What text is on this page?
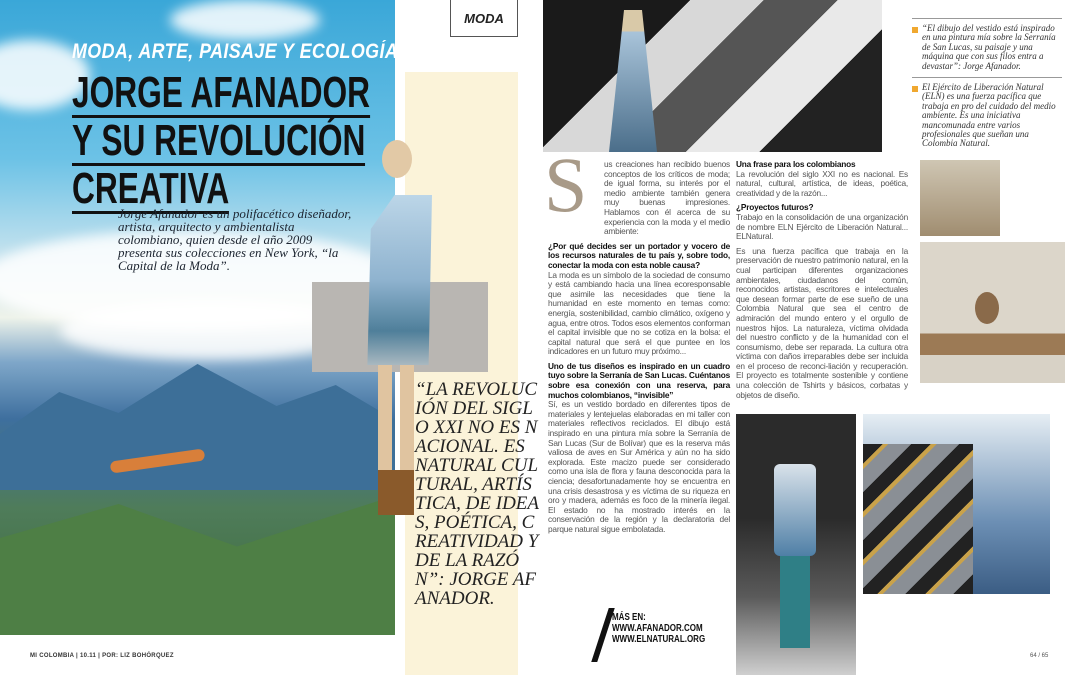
MODA
MODA, ARTE, PAISAJE Y ECOLOGÍA
JORGE AFANADOR
Y SU REVOLUCIÓN
CREATIVA
Jorge Afanador es un polifacético diseñador, artista, arquitecto y ambientalista colombiano, quien desde el año 2009 presenta sus colecciones en New York, “la Capital de la Moda”.
“LA REVOLUCIÓN DEL SIGLO XXI NO ES NACIONAL. ES NATURAL CULTURAL, ARTÍSTICA, DE IDEAS, POÉTICA, CREATIVIDAD Y DE LA RAZÓN”: JORGE AFANADOR.
MI COLOMBIA | 10.11 | POR: LIZ BOHÓRQUEZ

S us creaciones han recibido buenos conceptos de los críticos de moda; de igual forma, su interés por el medio ambiente también genera muy buenas impresiones. Hablamos con él acerca de su experiencia con la moda y el medio ambiente:

¿Por qué decides ser un portador y vocero de los recursos naturales de tu país y, sobre todo, conectar la moda con esta noble causa?
La moda es un símbolo de la sociedad de consumo y está cambiando hacia una línea ecoresponsable que asimile las necesidades que tiene la humanidad en este momento en temas como: energía, sostenibilidad, cambio climático, oxígeno y agua, entre otros. Todos esos elementos conforman el capital invisible que no se cotiza en la bolsa: el capital natural que será el que puntee en los indicadores en un futuro muy próximo...

Uno de tus diseños es inspirado en un cuadro tuyo sobre la Serranía de San Lucas. Cuéntanos sobre esa conexión con una reserva, para muchos colombianos, “invisible”
Sí, es un vestido bordado en diferentes tipos de materiales y lentejuelas elaboradas en mi taller con materiales reflectivos reciclados. El dibujo está inspirado en una pintura mía sobre la Serranía de San Lucas (Sur de Bolívar) que es la reserva más valiosa de aves en Sur América y aún no ha sido explorada. Este macizo puede ser considerado como una isla de flora y fauna desconocida para la ciencia; desafortunadamente hoy se encuentra en una crisis desastrosa y es víctima de su riqueza en oro y madera, además es foco de la minería ilegal. El estado no ha mostrado interés en la conservación de la región y la declaratoria del parque natural sigue embolatada.

Una frase para los colombianos
La revolución del siglo XXI no es nacional. Es natural, cultural, artística, de ideas, poética, creatividad y de la razón...

¿Proyectos futuros?
Trabajo en la consolidación de una organización de nombre ELN Ejército de Liberación Natural... ELNatural.

Es una fuerza pacífica que trabaja en la preservación de nuestro patrimonio natural, en la cual participan diferentes organizaciones ambientales, ciudadanos del común, reconocidos artistas, escritores e intelectuales que desean formar parte de ese sueño de una Colombia Natural que sea el centro de admiración del mundo entero y el orgullo de nuestros hijos. La naturaleza, víctima olvidada del nuestro conflicto y de la humanidad con el consumismo, debe ser reparada. La cultura otra víctima con daños irreparables debe ser incluida en el proceso de reconci-liación y recuperación. El proyecto es totalmente sostenible y contiene una colección de Tshirts y básicos, corbatas y objetos de diseño.

“El dibujo del vestido está inspirado en una pintura mía sobre la Serranía de San Lucas, su paisaje y una máquina que con sus filos entra a devastar”: Jorge Afanador.
El Ejército de Liberación Natural (ELN) es una fuerza pacífica que trabaja en pro del cuidado del medio ambiente. Es una iniciativa mancomunada entre varios profesionales que sueñan una Colombia Natural.
MÁS EN:
WWW.AFANADOR.COM
WWW.ELNATURAL.ORG
64 / 65
